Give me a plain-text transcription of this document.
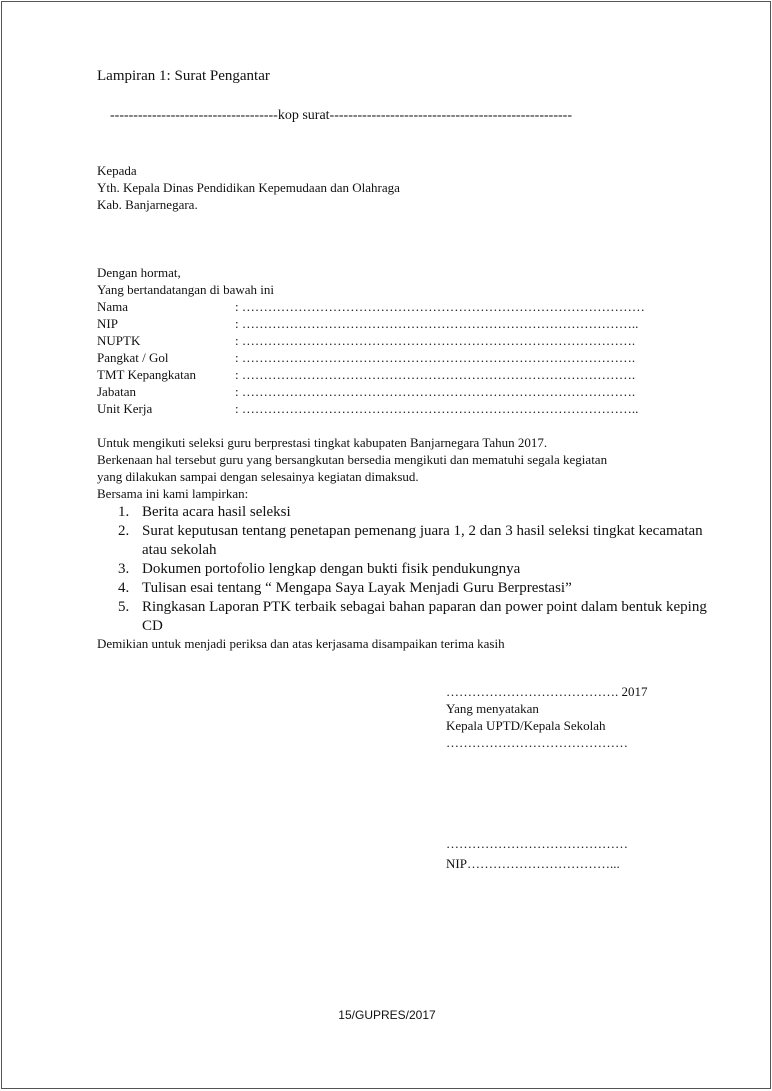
Lampiran 1: Surat Pengantar
------------------------------------kop surat----------------------------------------------------
Kepada
Yth. Kepala Dinas Pendidikan Kepemudaan dan Olahraga
Kab. Banjarnegara.
Dengan hormat,
Yang bertandatangan di bawah ini
Nama	: …………………………………………………………………………………
NIP	: ………………………………………………………………………………..
NUPTK	: ……………………………………………………………………………….
Pangkat / Gol	: ……………………………………………………………………………….
TMT Kepangkatan	: ……………………………………………………………………………….
Jabatan	: ……………………………………………………………………………….
Unit Kerja	: ………………………………………………………………………………..
Untuk mengikuti seleksi guru berprestasi tingkat kabupaten Banjarnegara Tahun 2017.
Berkenaan hal tersebut guru yang bersangkutan bersedia mengikuti dan mematuhi segala kegiatan
yang dilakukan sampai dengan selesainya kegiatan dimaksud.
Bersama ini kami lampirkan:
1. Berita acara hasil seleksi
2. Surat keputusan tentang penetapan pemenang juara 1, 2 dan 3 hasil seleksi tingkat kecamatan atau sekolah
3. Dokumen portofolio lengkap dengan bukti fisik pendukungnya
4. Tulisan esai tentang “ Mengapa Saya Layak Menjadi Guru Berprestasi”
5. Ringkasan Laporan PTK terbaik sebagai bahan paparan dan power point dalam bentuk keping CD
Demikian untuk menjadi periksa dan atas kerjasama disampaikan terima kasih
…………………………………. 2017
Yang menyatakan
Kepala UPTD/Kepala Sekolah
……………………………………
……………………………………
NIP……………………………...
15/GUPRES/2017
